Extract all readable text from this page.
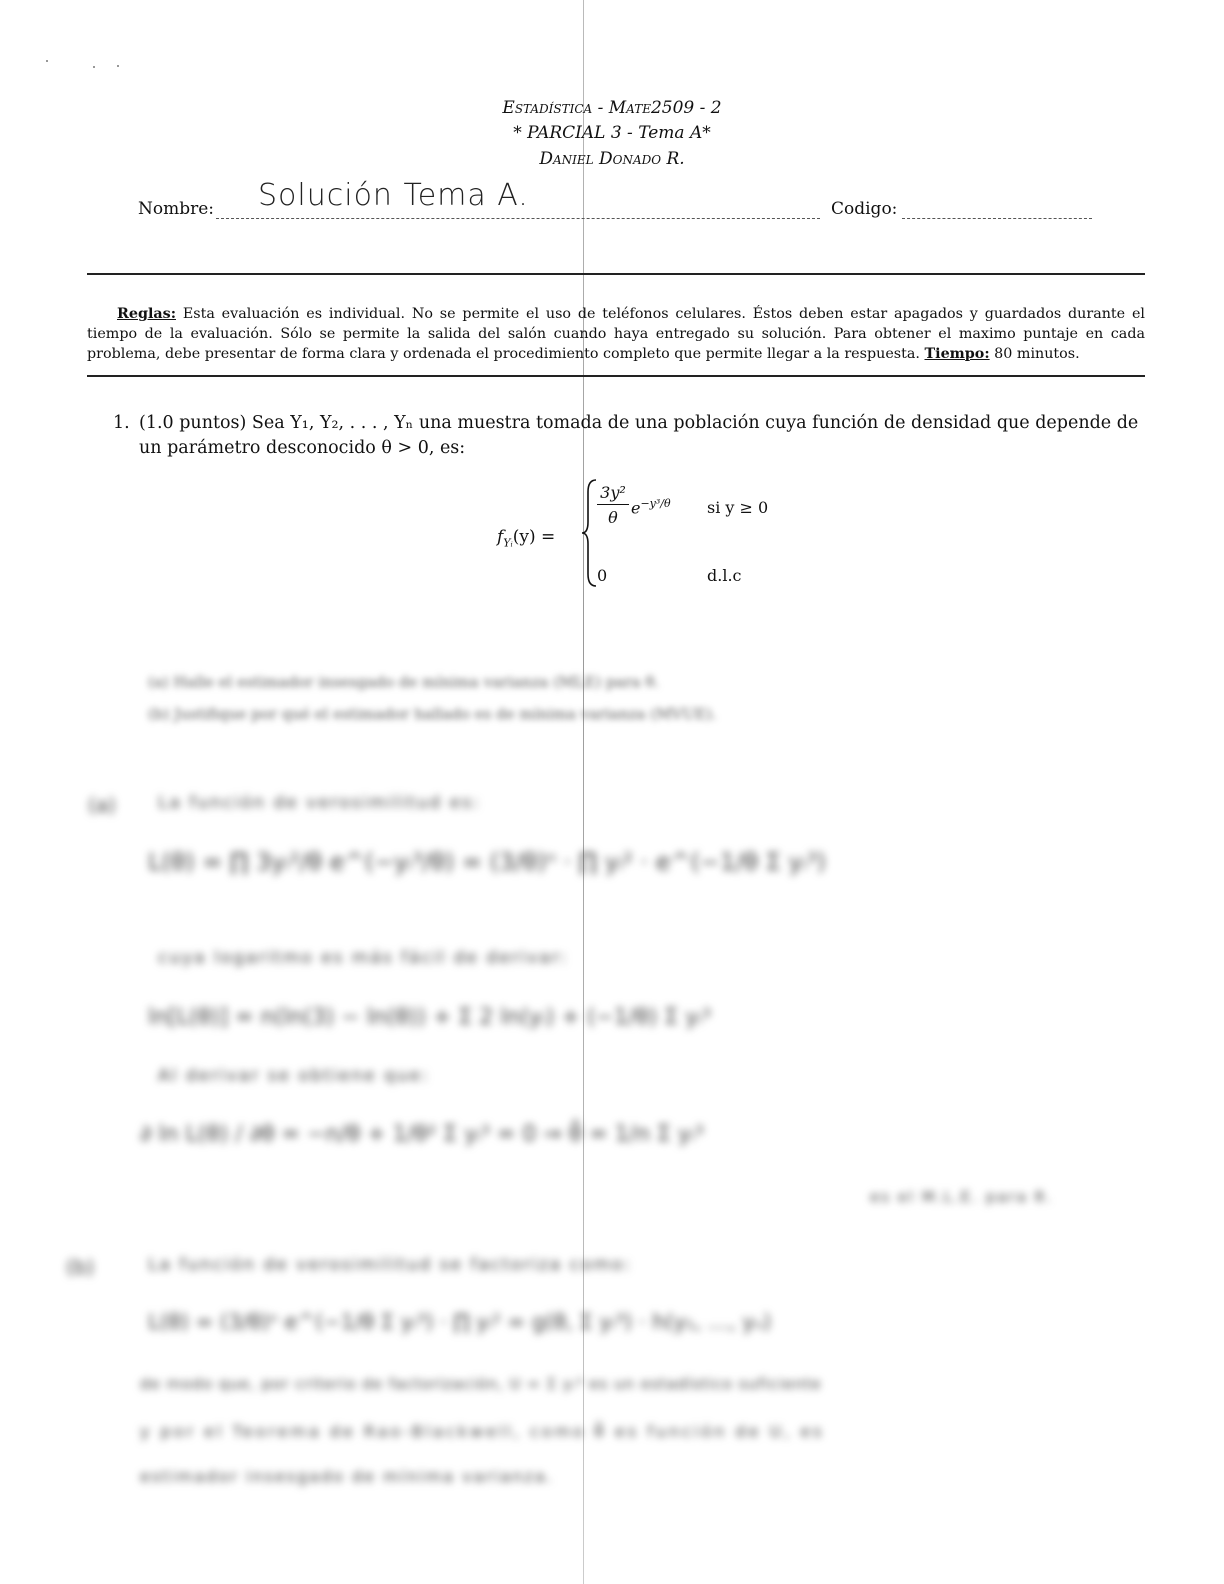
Estadística - Mate2509 - 2
* PARCIAL 3 - Tema A*
Daniel Donado R.
Nombre: Solución Tema A.	Codigo:
Reglas: Esta evaluación es individual. No se permite el uso de teléfonos celulares. Éstos deben estar apagados y guardados durante el tiempo de la evaluación. Sólo se permite la salida del salón cuando haya entregado su solución. Para obtener el maximo puntaje en cada problema, debe presentar de forma clara y ordenada el procedimiento completo que permite llegar a la respuesta. Tiempo: 80 minutos.
1. (1.0 puntos) Sea Y₁, Y₂, . . . , Yₙ una muestra tomada de una población cuya función de densidad que depende de
un parámetro desconocido θ > 0, es:
$f_{Yᵢ}(y)$ =
3y²
θ
$e^{-y^3/\theta}$ si y ≥ 0
0	d.l.c
(a) Halle el estimador insesgado de mínima varianza (MLE) para θ.
(b) Justifique por qué el estimador hallado es de mínima varianza (MVUE).
(a) La función de verosimilitud es:
L(θ) = ∏ 3yᵢ²/θ e^(−yᵢ³/θ) = (3/θ)ⁿ · ∏ yᵢ² · e^(−1/θ Σ yᵢ³)
cuya logaritmo es más fácil de derivar:
ln[L(θ)] = n(ln(3) − ln(θ)) + Σ 2 ln(yᵢ) + (−1/θ) Σ yᵢ³
Al derivar se obtiene que:
∂ ln L(θ) / ∂θ = −n/θ + 1/θ² Σ yᵢ³ = 0 ⇒ θ̂ = 1/n Σ yᵢ³
es el M.L.E. para θ.
(b)	La función de verosimilitud se factoriza como:
L(θ) = (3/θ)ⁿ e^(−1/θ Σ yᵢ³) · ∏ yᵢ² = g(θ, Σ yᵢ³) · h(y₁, …, yₙ)
de modo que, por criterio de factorización, U = Σ yᵢ³ es un estadístico suficiente
y por el Teorema de Rao-Blackwell, como θ̂ es función de U, es
estimador insesgado de mínima varianza.
